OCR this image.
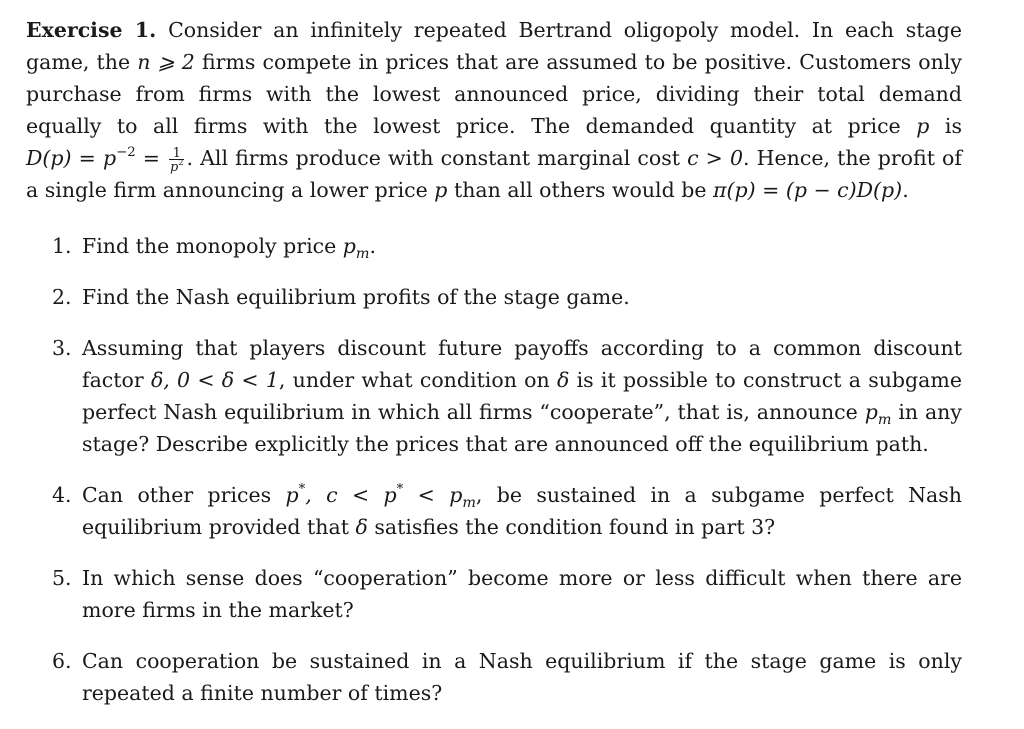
Exercise 1. Consider an infinitely repeated Bertrand oligopoly model. In each stage game, the n ⩾ 2 firms compete in prices that are assumed to be positive. Customers only purchase from firms with the lowest announced price, dividing their total demand equally to all firms with the lowest price. The demanded quantity at price p is $D(p) = p^{-2} = \frac{1}{p^2}$ . All firms produce with constant marginal cost c > 0. Hence, the profit of a single firm announcing a lower price p than all others would be π(p) = (p − c)D(p).

1. Find the monopoly price $p_m$.
2. Find the Nash equilibrium profits of the stage game.
3. Assuming that players discount future payoffs according to a common discount factor δ, 0 < δ < 1, under what condition on δ is it possible to construct a subgame perfect Nash equilibrium in which all firms “cooperate”, that is, announce $p_m$ in any stage? Describe explicitly the prices that are announced off the equilibrium path.
4. Can other prices p*, $c < p^* < p_m$, be sustained in a subgame perfect Nash equilibrium provided that δ satisfies the condition found in part 3?
5. In which sense does “cooperation” become more or less difficult when there are more firms in the market?
6. Can cooperation be sustained in a Nash equilibrium if the stage game is only repeated a finite number of times?
